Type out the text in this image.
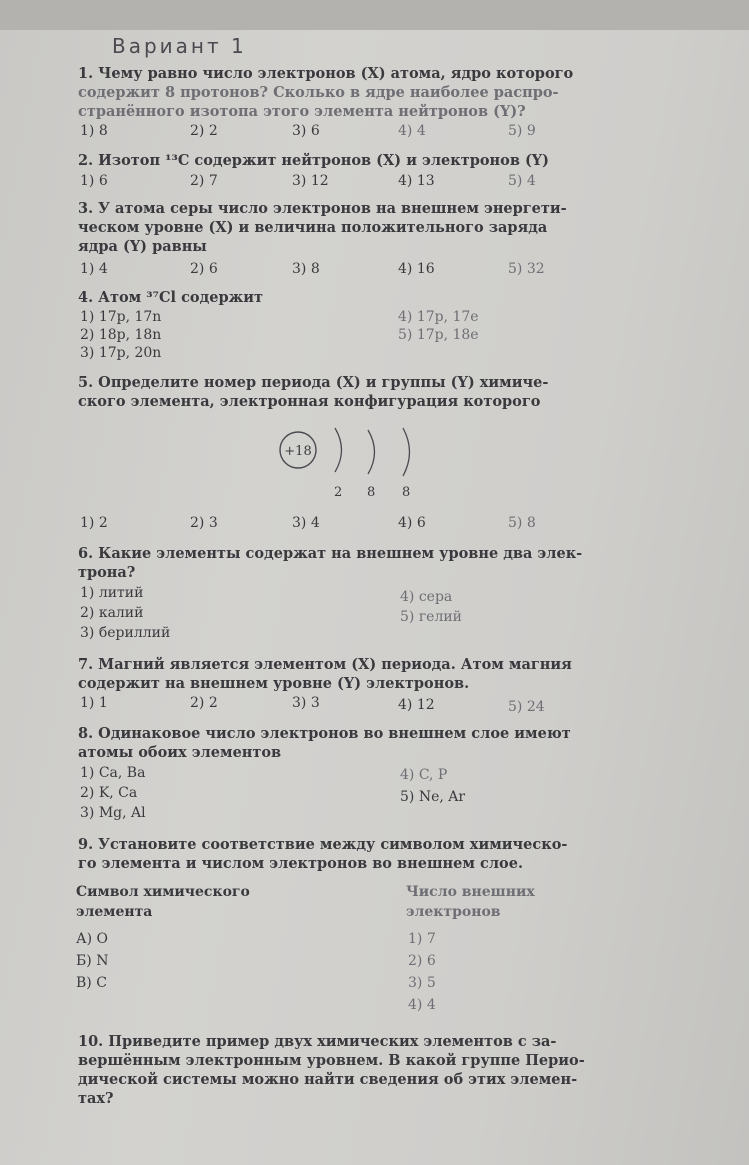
Вариант 1
1. Чему равно число электронов (X) атома, ядро которого
содержит 8 протонов? Сколько в ядре наиболее распро-
странённого изотопа этого элемента нейтронов (Y)?
1) 8	2) 2	3) 6	4) 4	5) 9
2. Изотоп ¹³C содержит нейтронов (X) и электронов (Y)
1) 6	2) 7	3) 12	4) 13	5) 4
3. У атома серы число электронов на внешнем энергети-
ческом уровне (X) и величина положительного заряда
ядра (Y) равны
1) 4	2) 6	3) 8	4) 16	5) 32
4. Атом ³⁷Cl содержит
1) 17p, 17n
2) 18p, 18n
3) 17p, 20n
4) 17p, 17e
5) 17p, 18e
5. Определите номер периода (X) и группы (Y) химиче-
ского элемента, электронная конфигурация которого
+18
2 8 8
1) 2	2) 3	3) 4	4) 6	5) 8
6. Какие элементы содержат на внешнем уровне два элек-
трона?
1) литий
2) калий
3) бериллий
4) сера
5) гелий
7. Магний является элементом (X) периода. Атом магния
содержит на внешнем уровне (Y) электронов.
1) 1	2) 2	3) 3	4) 12	5) 24
8. Одинаковое число электронов во внешнем слое имеют
атомы обоих элементов
1) Ca, Ba
2) K, Ca
3) Mg, Al
4) C, P
5) Ne, Ar
9. Установите соответствие между символом химическо-
го элемента и числом электронов во внешнем слое.
Символ химического
элемента
Число внешних
электронов
А) O
Б) N
В) C
1) 7
2) 6
3) 5
4) 4
10. Приведите пример двух химических элементов с за-
вершённым электронным уровнем. В какой группе Перио-
дической системы можно найти сведения об этих элемен-
тах?
